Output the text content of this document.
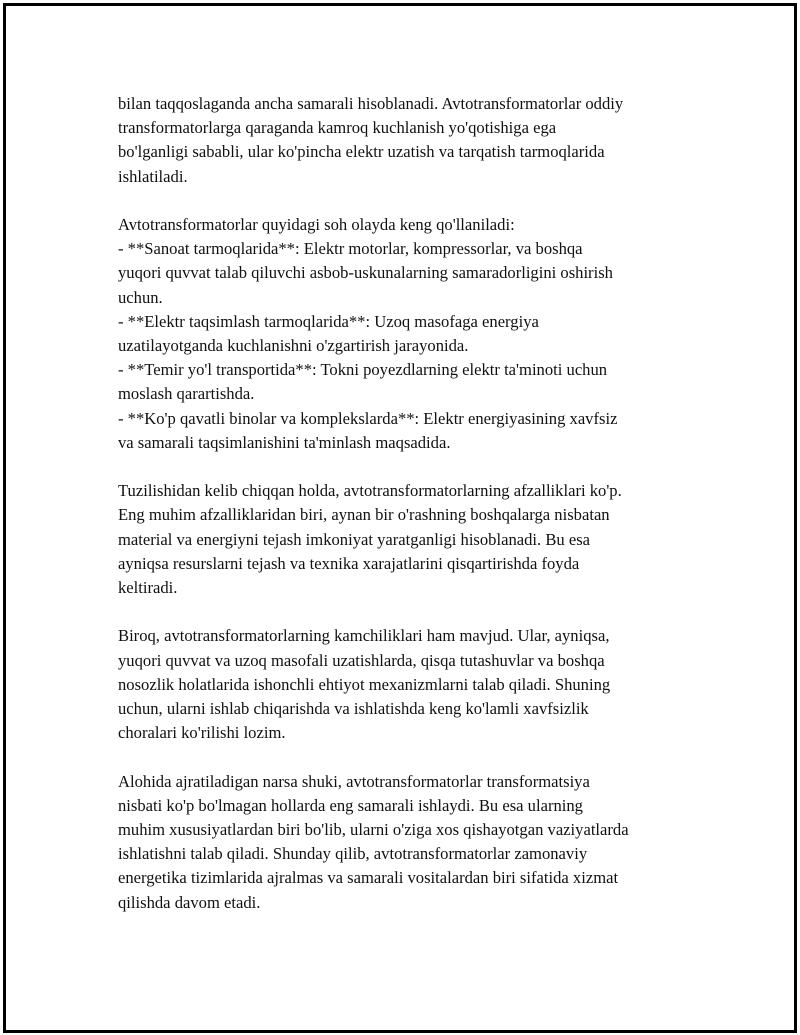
bilan taqqoslaganda ancha samarali hisoblanadi. Avtotransformatorlar oddiy
transformatorlarga qaraganda kamroq kuchlanish yo'qotishiga ega
bo'lganligi sababli, ular ko'pincha elektr uzatish va tarqatish tarmoqlarida
ishlatiladi.

Avtotransformatorlar quyidagi soh olayda keng qo'llaniladi:
- **Sanoat tarmoqlarida**: Elektr motorlar, kompressorlar, va boshqa
yuqori quvvat talab qiluvchi asbob-uskunalarning samaradorligini oshirish
uchun.
- **Elektr taqsimlash tarmoqlarida**: Uzoq masofaga energiya
uzatilayotganda kuchlanishni o'zgartirish jarayonida.
- **Temir yo'l transportida**: Tokni poyezdlarning elektr ta'minoti uchun
moslash qarartishda.
- **Ko'p qavatli binolar va komplekslarda**: Elektr energiyasining xavfsiz
va samarali taqsimlanishini ta'minlash maqsadida.

Tuzilishidan kelib chiqqan holda, avtotransformatorlarning afzalliklari ko'p.
Eng muhim afzalliklaridan biri, aynan bir o'rashning boshqalarga nisbatan
material va energiyni tejash imkoniyat yaratganligi hisoblanadi. Bu esa
ayniqsa resurslarni tejash va texnika xarajatlarini qisqartirishda foyda
keltiradi.

Biroq, avtotransformatorlarning kamchiliklari ham mavjud. Ular, ayniqsa,
yuqori quvvat va uzoq masofali uzatishlarda, qisqa tutashuvlar va boshqa
nosozlik holatlarida ishonchli ehtiyot mexanizmlarni talab qiladi. Shuning
uchun, ularni ishlab chiqarishda va ishlatishda keng ko'lamli xavfsizlik
choralari ko'rilishi lozim.

Alohida ajratiladigan narsa shuki, avtotransformatorlar transformatsiya
nisbati ko'p bo'lmagan hollarda eng samarali ishlaydi. Bu esa ularning
muhim xususiyatlardan biri bo'lib, ularni o'ziga xos qishayotgan vaziyatlarda
ishlatishni talab qiladi. Shunday qilib, avtotransformatorlar zamonaviy
energetika tizimlarida ajralmas va samarali vositalardan biri sifatida xizmat
qilishda davom etadi.
